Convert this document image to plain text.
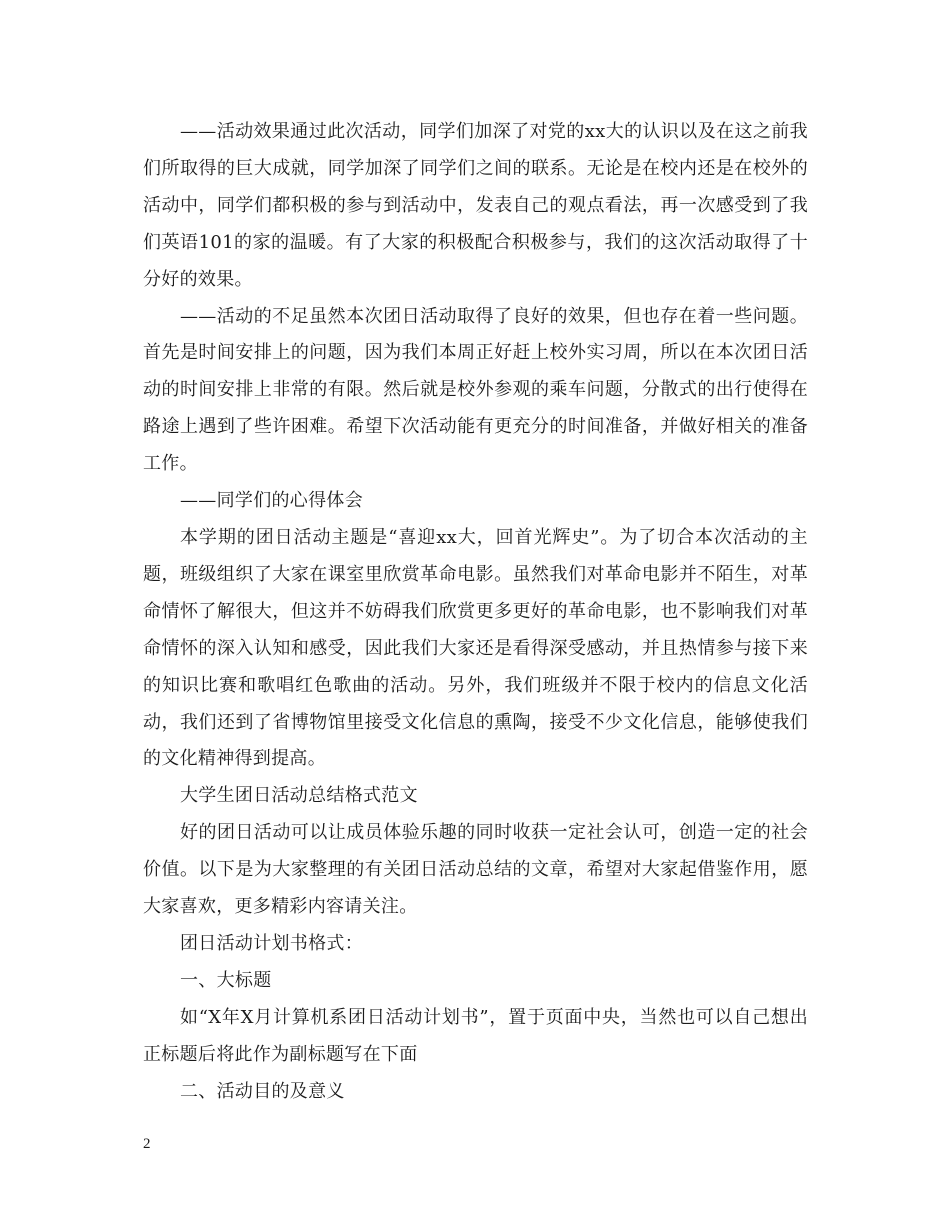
——活动效果通过此次活动，同学们加深了对党的xx大的认识以及在这之前我们所取得的巨大成就，同学加深了同学们之间的联系。无论是在校内还是在校外的活动中，同学们都积极的参与到活动中，发表自己的观点看法，再一次感受到了我们英语101的家的温暖。有了大家的积极配合积极参与，我们的这次活动取得了十分好的效果。

——活动的不足虽然本次团日活动取得了良好的效果，但也存在着一些问题。首先是时间安排上的问题，因为我们本周正好赶上校外实习周，所以在本次团日活动的时间安排上非常的有限。然后就是校外参观的乘车问题，分散式的出行使得在路途上遇到了些许困难。希望下次活动能有更充分的时间准备，并做好相关的准备工作。

——同学们的心得体会

本学期的团日活动主题是“喜迎xx大，回首光辉史”。为了切合本次活动的主题，班级组织了大家在课室里欣赏革命电影。虽然我们对革命电影并不陌生，对革命情怀了解很大，但这并不妨碍我们欣赏更多更好的革命电影，也不影响我们对革命情怀的深入认知和感受，因此我们大家还是看得深受感动，并且热情参与接下来的知识比赛和歌唱红色歌曲的活动。另外，我们班级并不限于校内的信息文化活动，我们还到了省博物馆里接受文化信息的熏陶，接受不少文化信息，能够使我们的文化精神得到提高。

大学生团日活动总结格式范文

好的团日活动可以让成员体验乐趣的同时收获一定社会认可，创造一定的社会价值。以下是为大家整理的有关团日活动总结的文章，希望对大家起借鉴作用，愿大家喜欢，更多精彩内容请关注。

团日活动计划书格式：

一、大标题

如“X年X月计算机系团日活动计划书”，置于页面中央，当然也可以自己想出正标题后将此作为副标题写在下面

二、活动目的及意义

2
